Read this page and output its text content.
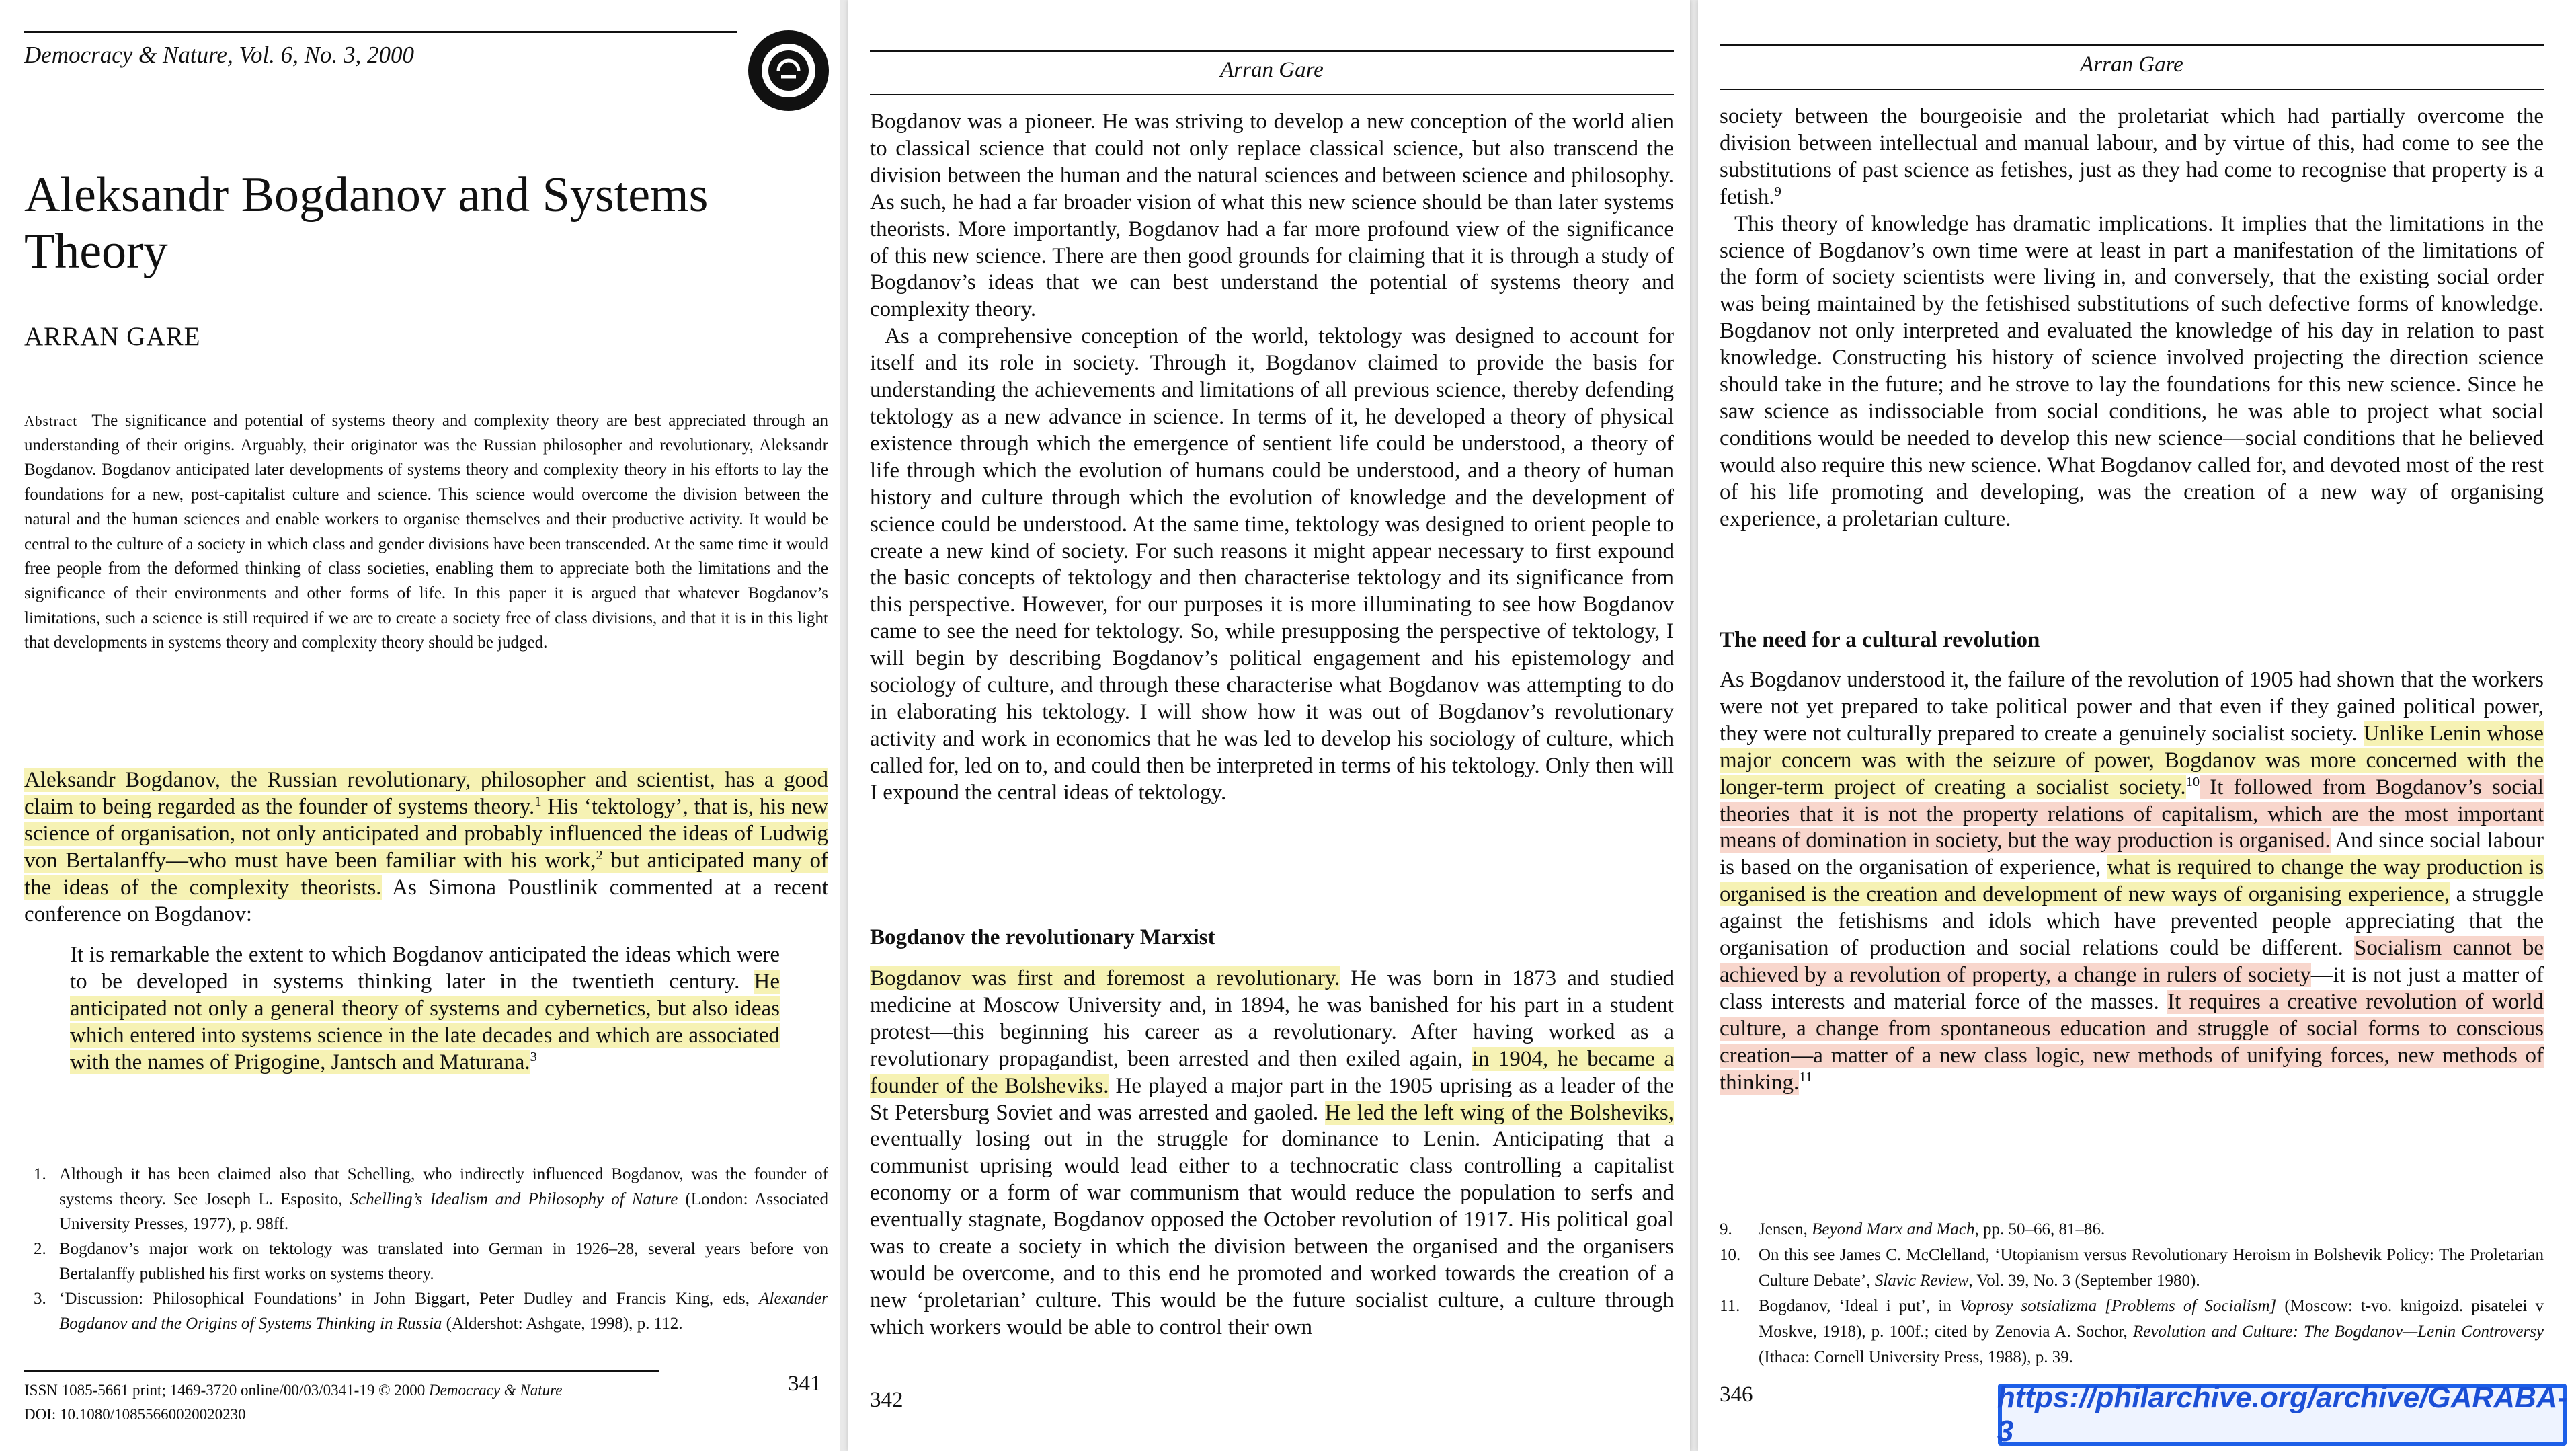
Democracy & Nature, Vol. 6, No. 3, 2000
Aleksandr Bogdanov and Systems Theory
ARRAN GARE

Abstract The significance and potential of systems theory and complexity theory are best appreciated through an understanding of their origins. Arguably, their originator was the Russian philosopher and revolutionary, Aleksandr Bogdanov. Bogdanov anticipated later developments of systems theory and complexity theory in his efforts to lay the foundations for a new, post-capitalist culture and science. This science would overcome the division between the natural and the human sciences and enable workers to organise themselves and their productive activity. It would be central to the culture of a society in which class and gender divisions have been transcended. At the same time it would free people from the deformed thinking of class societies, enabling them to appreciate both the limitations and the significance of their environments and other forms of life. In this paper it is argued that whatever Bogdanov’s limitations, such a science is still required if we are to create a society free of class divisions, and that it is in this light that developments in systems theory and complexity theory should be judged.

Aleksandr Bogdanov, the Russian revolutionary, philosopher and scientist, has a good claim to being regarded as the founder of systems theory.$^1$ His ‘tektology’, that is, his new science of organisation, not only anticipated and probably influenced the ideas of Ludwig von Bertalanffy—who must have been familiar with his work,$^2$ but anticipated many of the ideas of the complexity theorists. As Simona Poustlinik commented at a recent conference on Bogdanov:

It is remarkable the extent to which Bogdanov anticipated the ideas which were to be developed in systems thinking later in the twentieth century. He anticipated not only a general theory of systems and cybernetics, but also ideas which entered into systems science in the late decades and which are associated with the names of Prigogine, Jantsch and Maturana.$^3$

1. Although it has been claimed also that Schelling, who indirectly influenced Bogdanov, was the founder of systems theory. See Joseph L. Esposito, Schelling’s Idealism and Philosophy of Nature (London: Associated University Presses, 1977), p. 98ff.
2. Bogdanov’s major work on tektology was translated into German in 1926–28, several years before von Bertalanffy published his first works on systems theory.
3. ‘Discussion: Philosophical Foundations’ in John Biggart, Peter Dudley and Francis King, eds, Alexander Bogdanov and the Origins of Systems Thinking in Russia (Aldershot: Ashgate, 1998), p. 112.
ISSN 1085-5661 print; 1469-3720 online/00/03/0341-19 © 2000 Democracy & Nature
DOI: 10.1080/10855660020020230
341
Arran Gare

Bogdanov was a pioneer. He was striving to develop a new conception of the world alien to classical science that could not only replace classical science, but also transcend the division between the human and the natural sciences and between science and philosophy. As such, he had a far broader vision of what this new science should be than later systems theorists. More importantly, Bogdanov had a far more profound view of the significance of this new science. There are then good grounds for claiming that it is through a study of Bogdanov’s ideas that we can best understand the potential of systems theory and complexity theory.

As a comprehensive conception of the world, tektology was designed to account for itself and its role in society. Through it, Bogdanov claimed to provide the basis for understanding the achievements and limitations of all previous science, thereby defending tektology as a new advance in science. In terms of it, he developed a theory of physical existence through which the emergence of sentient life could be understood, a theory of life through which the evolution of humans could be understood, and a theory of human history and culture through which the evolution of knowledge and the development of science could be understood. At the same time, tektology was designed to orient people to create a new kind of society. For such reasons it might appear necessary to first expound the basic concepts of tektology and then characterise tektology and its significance from this perspective. However, for our purposes it is more illuminating to see how Bogdanov came to see the need for tektology. So, while presupposing the perspective of tektology, I will begin by describing Bogdanov’s political engagement and his epistemology and sociology of culture, and through these characterise what Bogdanov was attempting to do in elaborating his tektology. I will show how it was out of Bogdanov’s revolutionary activity and work in economics that he was led to develop his sociology of culture, which called for, led on to, and could then be interpreted in terms of his tektology. Only then will I expound the central ideas of tektology.

Bogdanov the revolutionary Marxist

Bogdanov was first and foremost a revolutionary. He was born in 1873 and studied medicine at Moscow University and, in 1894, he was banished for his part in a student protest—this beginning his career as a revolutionary. After having worked as a revolutionary propagandist, been arrested and then exiled again, in 1904, he became a founder of the Bolsheviks. He played a major part in the 1905 uprising as a leader of the St Petersburg Soviet and was arrested and gaoled. He led the left wing of the Bolsheviks, eventually losing out in the struggle for dominance to Lenin. Anticipating that a communist uprising would lead either to a technocratic class controlling a capitalist economy or a form of war communism that would reduce the population to serfs and eventually stagnate, Bogdanov opposed the October revolution of 1917. His political goal was to create a society in which the division between the organised and the organisers would be overcome, and to this end he promoted and worked towards the creation of a new ‘proletarian’ culture. This would be the future socialist culture, a culture through which workers would be able to control their own

342
Arran Gare

society between the bourgeoisie and the proletariat which had partially overcome the division between intellectual and manual labour, and by virtue of this, had come to see the substitutions of past science as fetishes, just as they had come to recognise that property is a fetish.$^9$

This theory of knowledge has dramatic implications. It implies that the limitations in the science of Bogdanov’s own time were at least in part a manifestation of the limitations of the form of society scientists were living in, and conversely, that the existing social order was being maintained by the fetishised substitutions of such defective forms of knowledge. Bogdanov not only interpreted and evaluated the knowledge of his day in relation to past knowledge. Constructing his history of science involved projecting the direction science should take in the future; and he strove to lay the foundations for this new science. Since he saw science as indissociable from social conditions, he was able to project what social conditions would be needed to develop this new science—social conditions that he believed would also require this new science. What Bogdanov called for, and devoted most of the rest of his life promoting and developing, was the creation of a new way of organising experience, a proletarian culture.

The need for a cultural revolution

As Bogdanov understood it, the failure of the revolution of 1905 had shown that the workers were not yet prepared to take political power and that even if they gained political power, they were not culturally prepared to create a genuinely socialist society. Unlike Lenin whose major concern was with the seizure of power, Bogdanov was more concerned with the longer-term project of creating a socialist society.$^{10}$ It followed from Bogdanov’s social theories that it is not the property relations of capitalism, which are the most important means of domination in society, but the way production is organised. And since social labour is based on the organisation of experience, what is required to change the way production is organised is the creation and development of new ways of organising experience, a struggle against the fetishisms and idols which have prevented people appreciating that the organisation of production and social relations could be different. Socialism cannot be achieved by a revolution of property, a change in rulers of society—it is not just a matter of class interests and material force of the masses. It requires a creative revolution of world culture, a change from spontaneous education and struggle of social forms to conscious creation—a matter of a new class logic, new methods of unifying forces, new methods of thinking.$^{11}$

9. Jensen, Beyond Marx and Mach, pp. 50–66, 81–86.
10. On this see James C. McClelland, ‘Utopianism versus Revolutionary Heroism in Bolshevik Policy: The Proletarian Culture Debate’, Slavic Review, Vol. 39, No. 3 (September 1980).
11. Bogdanov, ‘Ideal i put’, in Voprosy sotsializma [Problems of Socialism] (Moscow: t-vo. knigoizd. pisatelei v Moskve, 1918), p. 100f.; cited by Zenovia A. Sochor, Revolution and Culture: The Bogdanov—Lenin Controversy (Ithaca: Cornell University Press, 1988), p. 39.
346	https://philarchive.org/archive/GARABA-3
